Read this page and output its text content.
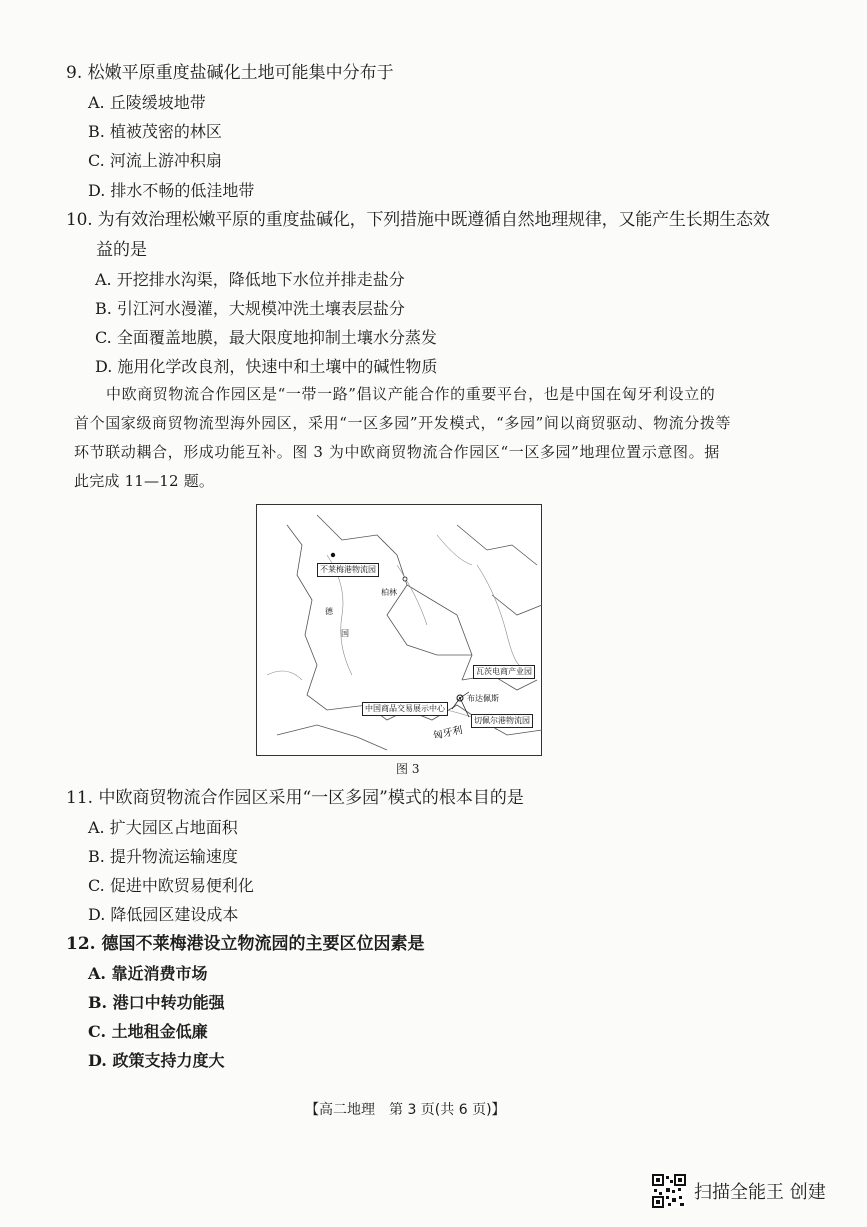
9. 松嫩平原重度盐碱化土地可能集中分布于
A. 丘陵缓坡地带
B. 植被茂密的林区
C. 河流上游冲积扇
D. 排水不畅的低洼地带
10. 为有效治理松嫩平原的重度盐碱化，下列措施中既遵循自然地理规律，又能产生长期生态效
益的是
A. 开挖排水沟渠，降低地下水位并排走盐分
B. 引江河水漫灌，大规模冲洗土壤表层盐分
C. 全面覆盖地膜，最大限度地抑制土壤水分蒸发
D. 施用化学改良剂，快速中和土壤中的碱性物质
中欧商贸物流合作园区是“一带一路”倡议产能合作的重要平台，也是中国在匈牙利设立的
首个国家级商贸物流型海外园区，采用“一区多园”开发模式，“多园”间以商贸驱动、物流分拨等
环节联动耦合，形成功能互补。图 3 为中欧商贸物流合作园区“一区多园”地理位置示意图。据
此完成 11—12 题。
不莱梅港物流园
柏林
德
国
瓦茨电商产业园
布达佩斯
中国商品交易展示中心
切佩尔港物流园
匈牙利
图 3
11. 中欧商贸物流合作园区采用“一区多园”模式的根本目的是
A. 扩大园区占地面积
B. 提升物流运输速度
C. 促进中欧贸易便利化
D. 降低园区建设成本
12. 德国不莱梅港设立物流园的主要区位因素是
A. 靠近消费市场
B. 港口中转功能强
C. 土地租金低廉
D. 政策支持力度大
【高二地理　第 3 页(共 6 页)】
扫描全能王 创建
